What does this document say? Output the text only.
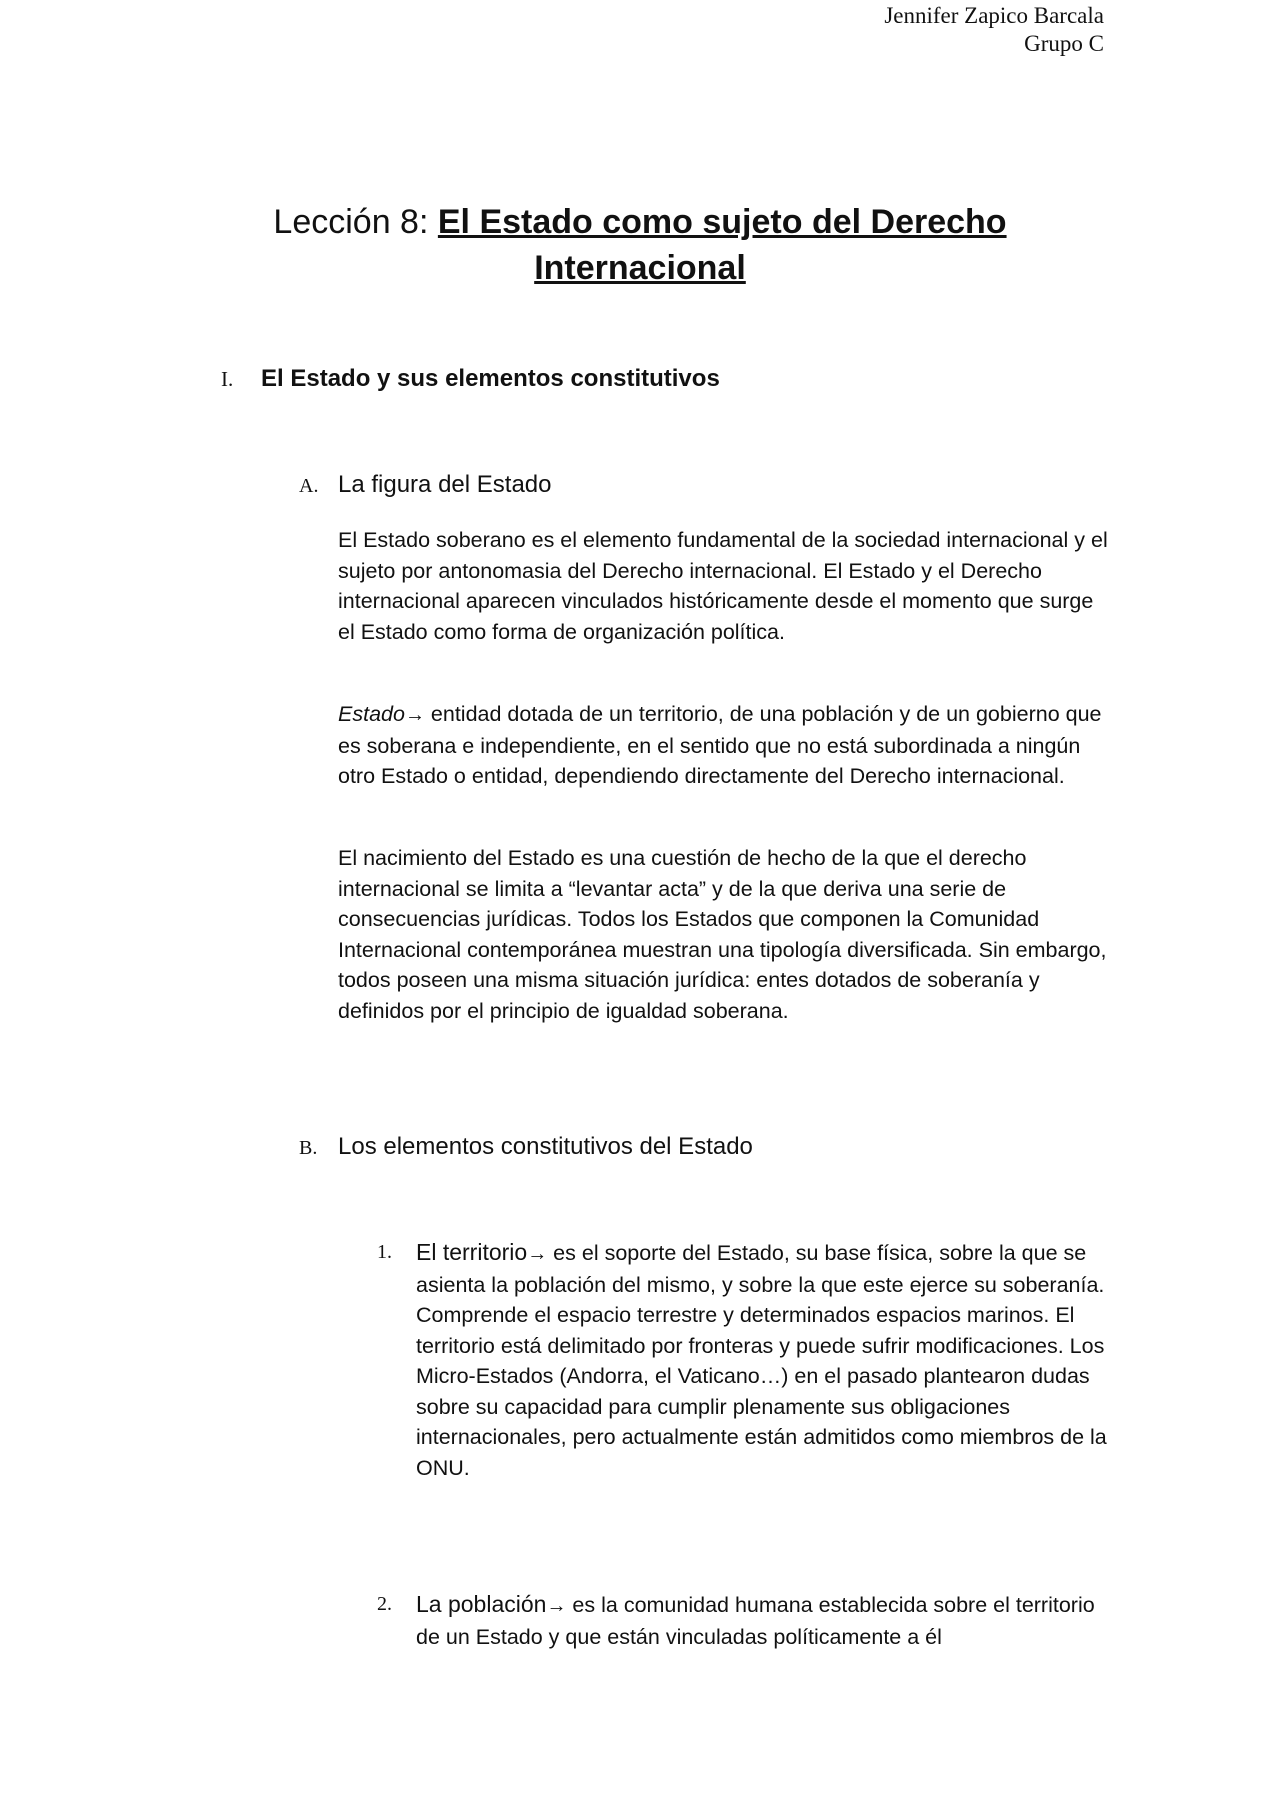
Jennifer Zapico Barcala
Grupo C
Lección 8: El Estado como sujeto del Derecho Internacional
I. El Estado y sus elementos constitutivos
A. La figura del Estado

El Estado soberano es el elemento fundamental de la sociedad internacional y el sujeto por antonomasia del Derecho internacional. El Estado y el Derecho internacional aparecen vinculados históricamente desde el momento que surge el Estado como forma de organización política.

Estado→ entidad dotada de un territorio, de una población y de un gobierno que es soberana e independiente, en el sentido que no está subordinada a ningún otro Estado o entidad, dependiendo directamente del Derecho internacional.

El nacimiento del Estado es una cuestión de hecho de la que el derecho internacional se limita a “levantar acta” y de la que deriva una serie de consecuencias jurídicas. Todos los Estados que componen la Comunidad Internacional contemporánea muestran una tipología diversificada. Sin embargo, todos poseen una misma situación jurídica: entes dotados de soberanía y definidos por el principio de igualdad soberana.

B. Los elementos constitutivos del Estado
1. El territorio→ es el soporte del Estado, su base física, sobre la que se asienta la población del mismo, y sobre la que este ejerce su soberanía. Comprende el espacio terrestre y determinados espacios marinos. El territorio está delimitado por fronteras y puede sufrir modificaciones. Los Micro-Estados (Andorra, el Vaticano…) en el pasado plantearon dudas sobre su capacidad para cumplir plenamente sus obligaciones internacionales, pero actualmente están admitidos como miembros de la ONU.
2. La población→ es la comunidad humana establecida sobre el territorio de un Estado y que están vinculadas políticamente a él
